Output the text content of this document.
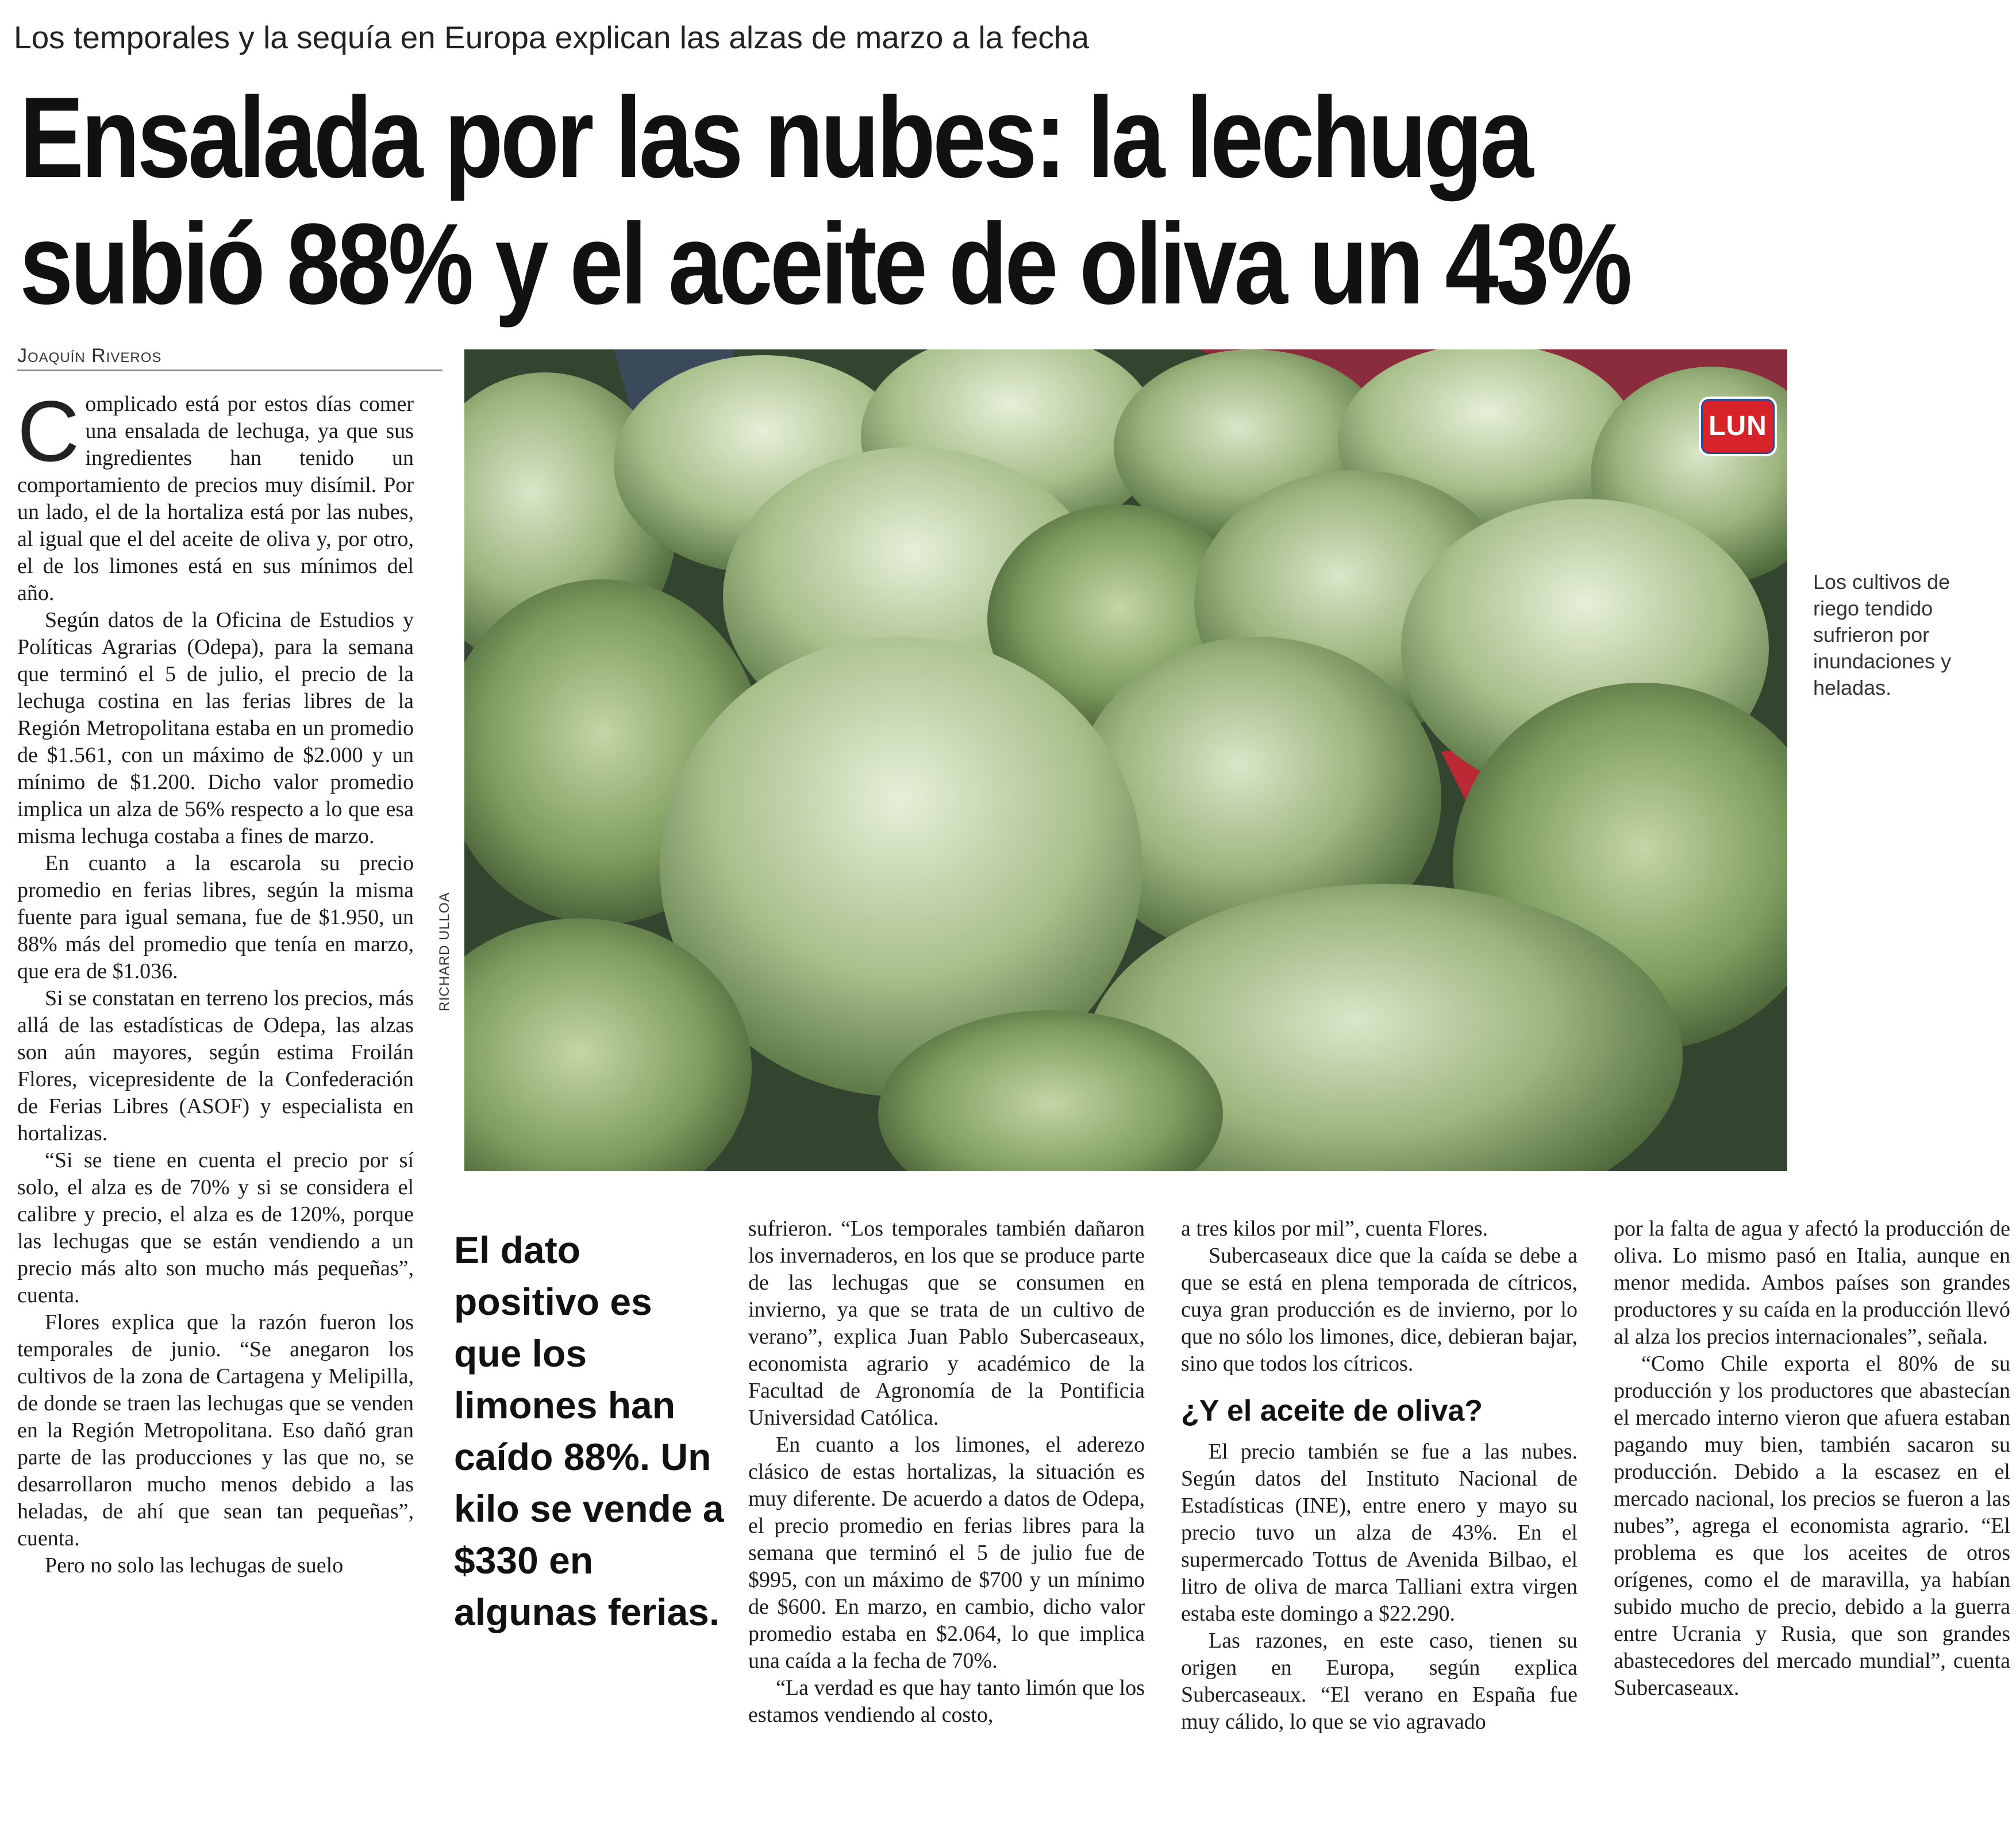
Los temporales y la sequía en Europa explican las alzas de marzo a la fecha
Ensalada por las nubes: la lechuga subió 88% y el aceite de oliva un 43%
Joaquín Riveros
LUN
RICHARD ULLOA
Los cultivos de riego tendido sufrieron por inundaciones y heladas.

El dato positivo es que los limones han caído 88%. Un kilo se vende a $330 en algunas ferias.

Complicado está por estos días comer una ensalada de lechuga, ya que sus ingredientes han tenido un comportamiento de precios muy disímil. Por un lado, el de la hortaliza está por las nubes, al igual que el del aceite de oliva y, por otro, el de los limones está en sus mínimos del año.

Según datos de la Oficina de Estudios y Políticas Agrarias (Odepa), para la semana que terminó el 5 de julio, el precio de la lechuga costina en las ferias libres de la Región Metropolitana estaba en un promedio de $1.561, con un máximo de $2.000 y un mínimo de $1.200. Dicho valor promedio implica un alza de 56% respecto a lo que esa misma lechuga costaba a fines de marzo.

En cuanto a la escarola su precio promedio en ferias libres, según la misma fuente para igual semana, fue de $1.950, un 88% más del promedio que tenía en marzo, que era de $1.036.

Si se constatan en terreno los precios, más allá de las estadísticas de Odepa, las alzas son aún mayores, según estima Froilán Flores, vicepresidente de la Confederación de Ferias Libres (ASOF) y especialista en hortalizas.

“Si se tiene en cuenta el precio por sí solo, el alza es de 70% y si se considera el calibre y precio, el alza es de 120%, porque las lechugas que se están vendiendo a un precio más alto son mucho más pequeñas”, cuenta.

Flores explica que la razón fueron los temporales de junio. “Se anegaron los cultivos de la zona de Cartagena y Melipilla, de donde se traen las lechugas que se venden en la Región Metropolitana. Eso dañó gran parte de las producciones y las que no, se desarrollaron mucho menos debido a las heladas, de ahí que sean tan pequeñas”, cuenta.

Pero no solo las lechugas de suelo

sufrieron. “Los temporales también dañaron los invernaderos, en los que se produce parte de las lechugas que se consumen en invierno, ya que se trata de un cultivo de verano”, explica Juan Pablo Subercaseaux, economista agrario y académico de la Facultad de Agronomía de la Pontificia Universidad Católica.

En cuanto a los limones, el aderezo clásico de estas hortalizas, la situación es muy diferente. De acuerdo a datos de Odepa, el precio promedio en ferias libres para la semana que terminó el 5 de julio fue de $995, con un máximo de $700 y un mínimo de $600. En marzo, en cambio, dicho valor promedio estaba en $2.064, lo que implica una caída a la fecha de 70%.

“La verdad es que hay tanto limón que los estamos vendiendo al costo,

a tres kilos por mil”, cuenta Flores.

Subercaseaux dice que la caída se debe a que se está en plena temporada de cítricos, cuya gran producción es de invierno, por lo que no sólo los limones, dice, debieran bajar, sino que todos los cítricos.

¿Y el aceite de oliva?

El precio también se fue a las nubes. Según datos del Instituto Nacional de Estadísticas (INE), entre enero y mayo su precio tuvo un alza de 43%. En el supermercado Tottus de Avenida Bilbao, el litro de oliva de marca Talliani extra virgen estaba este domingo a $22.290.

Las razones, en este caso, tienen su origen en Europa, según explica Subercaseaux. “El verano en España fue muy cálido, lo que se vio agravado

por la falta de agua y afectó la producción de oliva. Lo mismo pasó en Italia, aunque en menor medida. Ambos países son grandes productores y su caída en la producción llevó al alza los precios internacionales”, señala.

“Como Chile exporta el 80% de su producción y los productores que abastecían el mercado interno vieron que afuera estaban pagando muy bien, también sacaron su producción. Debido a la escasez en el mercado nacional, los precios se fueron a las nubes”, agrega el economista agrario. “El problema es que los aceites de otros orígenes, como el de maravilla, ya habían subido mucho de precio, debido a la guerra entre Ucrania y Rusia, que son grandes abastecedores del mercado mundial”, cuenta Subercaseaux.
